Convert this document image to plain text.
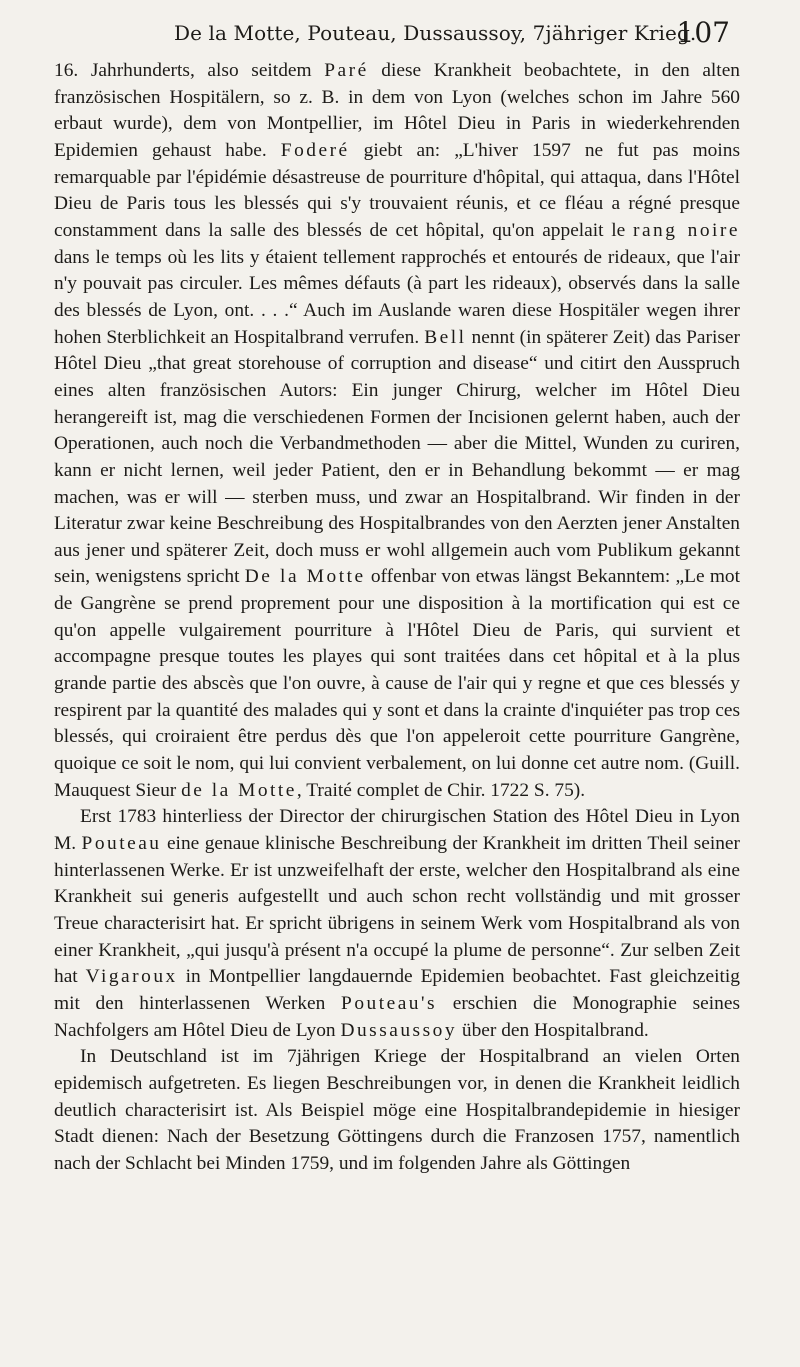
De la Motte, Pouteau, Dussaussoy, 7jähriger Krieg.
107

16. Jahrhunderts, also seitdem Paré diese Krankheit beobachtete, in den alten französischen Hospitälern, so z. B. in dem von Lyon (welches schon im Jahre 560 erbaut wurde), dem von Montpellier, im Hôtel Dieu in Paris in wiederkehrenden Epidemien gehaust habe. Foderé giebt an: „L'hiver 1597 ne fut pas moins remarquable par l'épidémie désastreuse de pourriture d'hôpital, qui attaqua, dans l'Hôtel Dieu de Paris tous les blessés qui s'y trouvaient réunis, et ce fléau a régné presque constamment dans la salle des blessés de cet hôpital, qu'on appelait le rang noire dans le temps où les lits y étaient tellement rapprochés et entourés de rideaux, que l'air n'y pouvait pas circuler. Les mêmes défauts (à part les rideaux), observés dans la salle des blessés de Lyon, ont. . . .“ Auch im Auslande waren diese Hospitäler wegen ihrer hohen Sterblichkeit an Hospitalbrand verrufen. Bell nennt (in späterer Zeit) das Pariser Hôtel Dieu „that great storehouse of corruption and disease“ und citirt den Ausspruch eines alten französischen Autors: Ein junger Chirurg, welcher im Hôtel Dieu herangereift ist, mag die verschiedenen Formen der Incisionen gelernt haben, auch der Operationen, auch noch die Verbandmethoden — aber die Mittel, Wunden zu curiren, kann er nicht lernen, weil jeder Patient, den er in Behandlung bekommt — er mag machen, was er will — sterben muss, und zwar an Hospitalbrand. Wir finden in der Literatur zwar keine Beschreibung des Hospitalbrandes von den Aerzten jener Anstalten aus jener und späterer Zeit, doch muss er wohl allgemein auch vom Publikum gekannt sein, wenigstens spricht De la Motte offenbar von etwas längst Bekanntem: „Le mot de Gangrène se prend proprement pour une disposition à la mortification qui est ce qu'on appelle vulgairement pourriture à l'Hôtel Dieu de Paris, qui survient et accompagne presque toutes les playes qui sont traitées dans cet hôpital et à la plus grande partie des abscès que l'on ouvre, à cause de l'air qui y regne et que ces blessés y respirent par la quantité des malades qui y sont et dans la crainte d'inquiéter pas trop ces blessés, qui croiraient être perdus dès que l'on appeleroit cette pourriture Gangrène, quoique ce soit le nom, qui lui convient verbalement, on lui donne cet autre nom. (Guill. Mauquest Sieur de la Motte, Traité complet de Chir. 1722 S. 75).

Erst 1783 hinterliess der Director der chirurgischen Station des Hôtel Dieu in Lyon M. Pouteau eine genaue klinische Beschreibung der Krankheit im dritten Theil seiner hinterlassenen Werke. Er ist unzweifelhaft der erste, welcher den Hospitalbrand als eine Krankheit sui generis aufgestellt und auch schon recht vollständig und mit grosser Treue characterisirt hat. Er spricht übrigens in seinem Werk vom Hospitalbrand als von einer Krankheit, „qui jusqu'à présent n'a occupé la plume de personne“. Zur selben Zeit hat Vigaroux in Montpellier langdauernde Epidemien beobachtet. Fast gleichzeitig mit den hinterlassenen Werken Pouteau's erschien die Monographie seines Nachfolgers am Hôtel Dieu de Lyon Dussaussoy über den Hospitalbrand.

In Deutschland ist im 7jährigen Kriege der Hospitalbrand an vielen Orten epidemisch aufgetreten. Es liegen Beschreibungen vor, in denen die Krankheit leidlich deutlich characterisirt ist. Als Beispiel möge eine Hospitalbrandepidemie in hiesiger Stadt dienen: Nach der Besetzung Göttingens durch die Franzosen 1757, namentlich nach der Schlacht bei Minden 1759, und im folgenden Jahre als Göttingen
